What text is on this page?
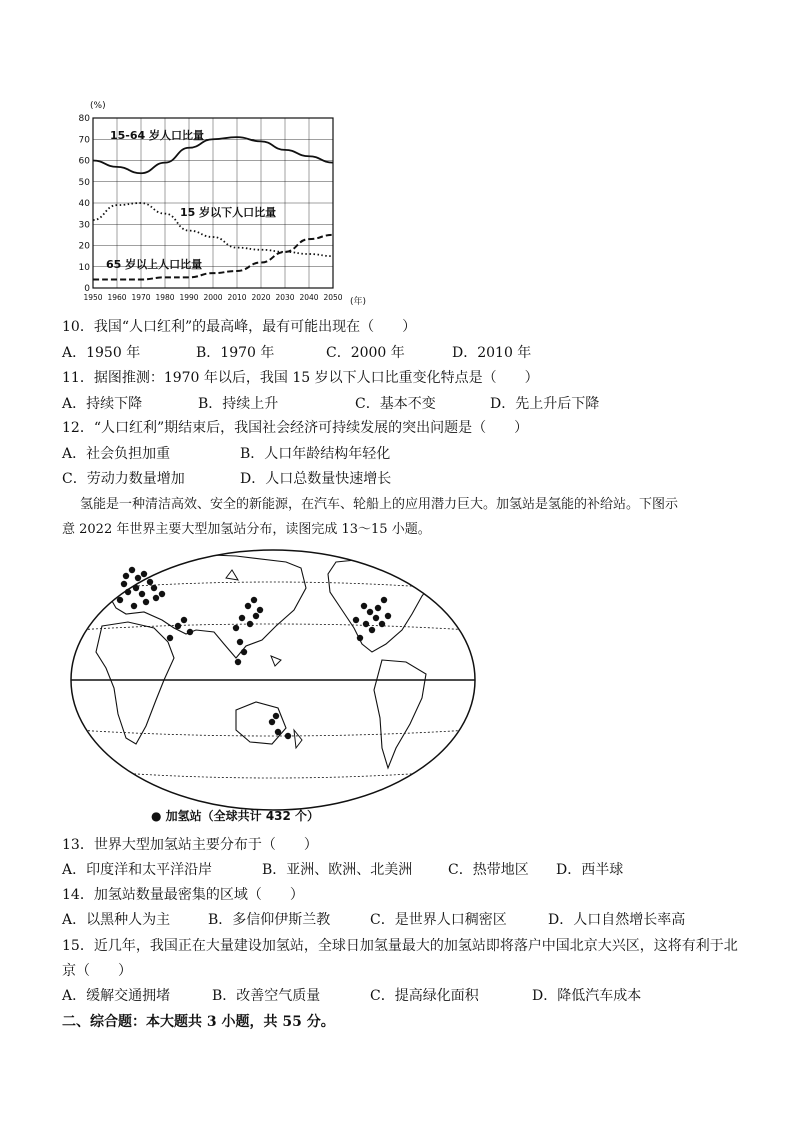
(%)
(年)
0
10
20
30
40
50
60
70
80
1950 1960 1970 1980 1990 2000 2010 2020 2030 2040 2050
15-64 岁人口比量
15 岁以下人口比量
65 岁以上人口比量
10．我国“人口红利”的最高峰，最有可能出现在（　　）
A．1950 年	B．1970 年	C．2000 年	D．2010 年
11．据图推测：1970 年以后，我国 15 岁以下人口比重变化特点是（　　）
A．持续下降	B．持续上升	C．基本不变	D．先上升后下降
12．“人口红利”期结束后，我国社会经济可持续发展的突出问题是（　　）
A．社会负担加重	B．人口年龄结构年轻化
C．劳动力数量增加	D．人口总数量快速增长
氢能是一种清洁高效、安全的新能源，在汽车、轮船上的应用潜力巨大。加氢站是氢能的补给站。下图示
意 2022 年世界主要大型加氢站分布，读图完成 13～15 小题。
● 加氢站（全球共计 432 个）
13．世界大型加氢站主要分布于（　　）
A．印度洋和太平洋沿岸	B．亚洲、欧洲、北美洲	C．热带地区 D．西半球
14．加氢站数量最密集的区域（　　）
A．以黑种人为主	B．多信仰伊斯兰教	C．是世界人口稠密区	D．人口自然增长率高
15．近几年，我国正在大量建设加氢站，全球日加氢量最大的加氢站即将落户中国北京大兴区，这将有利于北
京（　　）
A．缓解交通拥堵	B．改善空气质量	C．提高绿化面积	D．降低汽车成本
二、综合题：本大题共 3 小题，共 55 分。
